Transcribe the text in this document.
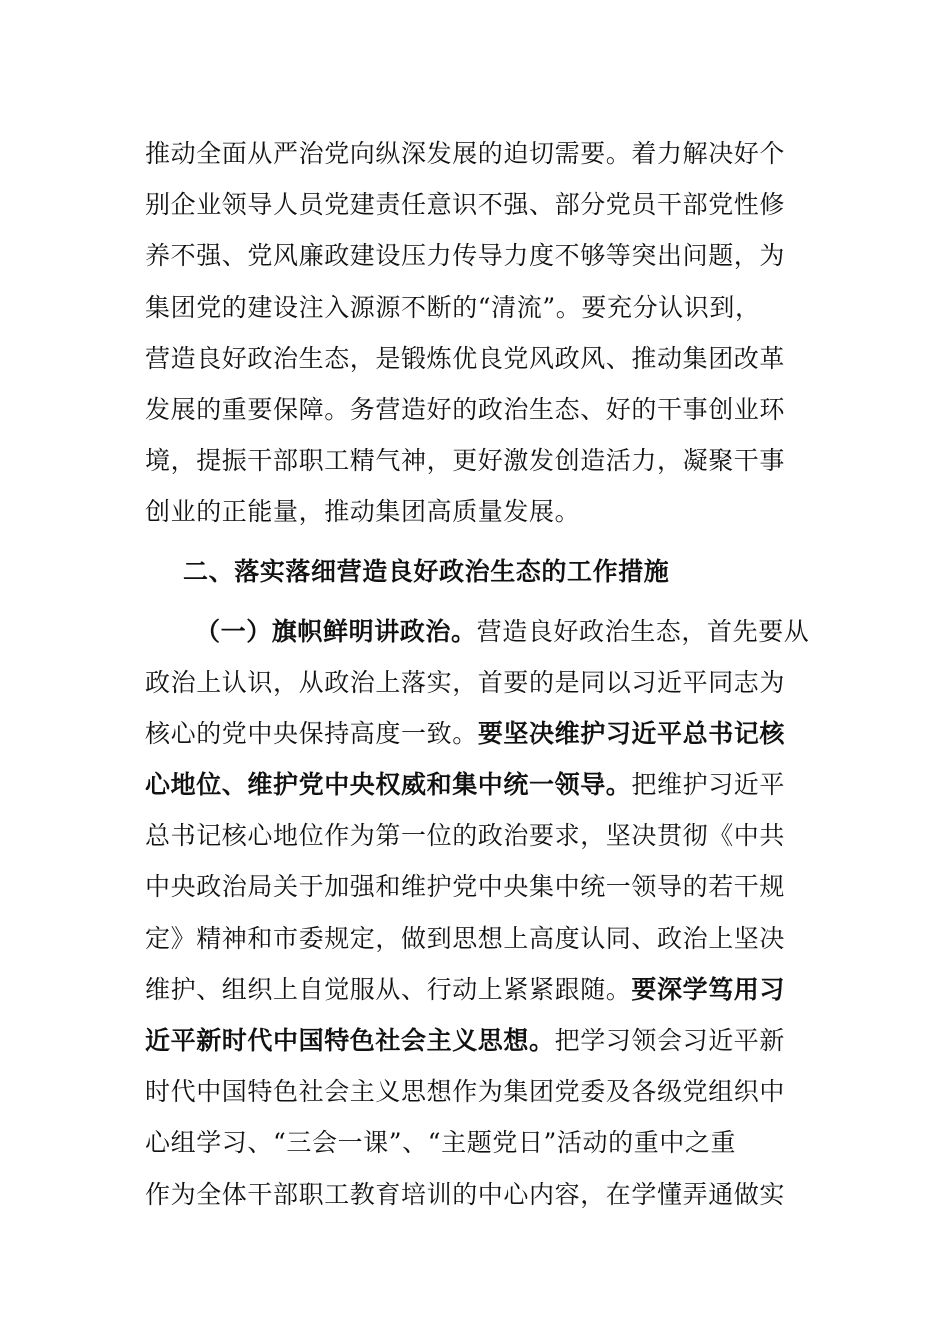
推动全面从严治党向纵深发展的迫切需要。着力解决好个
别企业领导人员党建责任意识不强、部分党员干部党性修
养不强、党风廉政建设压力传导力度不够等突出问题，为
集团党的建设注入源源不断的“清流”。要充分认识到，
营造良好政治生态，是锻炼优良党风政风、推动集团改革
发展的重要保障。务营造好的政治生态、好的干事创业环
境，提振干部职工精气神，更好激发创造活力，凝聚干事
创业的正能量，推动集团高质量发展。
二、落实落细营造良好政治生态的工作措施
（一）旗帜鲜明讲政治。 营造良好政治生态，首先要从
政治上认识，从政治上落实，首要的是同以习近平同志为
核心的党中央保持高度一致。 要坚决维护习近平总书记核
心地位、维护党中央权威和集中统一领导。 把维护习近平
总书记核心地位作为第一位的政治要求，坚决贯彻《中共
中央政治局关于加强和维护党中央集中统一领导的若干规
定》精神和市委规定，做到思想上高度认同、政治上坚决
维护、组织上自觉服从、行动上紧紧跟随。 要深学笃用习
近平新时代中国特色社会主义思想。 把学习领会习近平新
时代中国特色社会主义思想作为集团党委及各级党组织中
心组学习、“三会一课”、“主题党日”活动的重中之重
作为全体干部职工教育培训的中心内容，在学懂弄通做实
